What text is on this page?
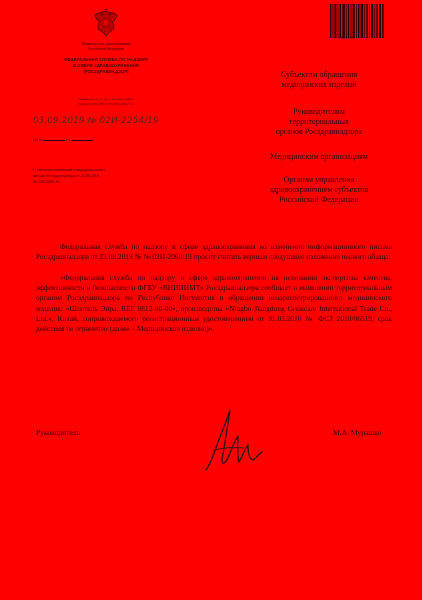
Министерство здравоохранения
Российской Федерации
ФЕДЕРАЛЬНАЯ СЛУЖБА ПО НАДЗОРУ
В СФЕРЕ ЗДРАВООХРАНЕНИЯ
(РОСЗДРАВНАДЗОР)
Славянская пл. 4, стр. 1, Москва, 109074
Телефон: (495) 698 45 38; (495) 698 15 74
03.09.2019 № 02И-2254/19
На №	от
О внесении изменений в информационное
письмо Росздравнадзора от 23.08.2019
№ 02И-2060/19
2317709
Субъектам обращения
медицинских изделий
Руководителям
территориальных
органов Росздравнадзора
Медицинским организациям
Органам управления
здравоохранением субъектов
Российской Федерации
Федеральная служба по надзору в сфере здравоохранения во изменение информационного письма Росздравнадзора от 23.08.2019 № № 02И-2060/19 просит считать верным следующее изложение первого абзаца:
«Федеральная служба по надзору в сфере здравоохранения на основании экспертизы качества, эффективности и безопасности ФГБУ «ВНИИИМТ» Росздравнадзора сообщает о выявлении территориальным органом Росздравнадзора по Республике Ингушетия в обращении незарегистрированного медицинского изделия: «Шпатель Эйра, REF 0812-00-00», производства «Ningbo Jiangdong Greatcare International Trade Co., Ltd.», Китай, сопровождаемого регистрационным удостоверением от 31.03.2010 № ФСЗ 2010/06519, срок действия не ограничен (далее – Медицинское изделие)».
Руководитель	М.А. Мурашко
